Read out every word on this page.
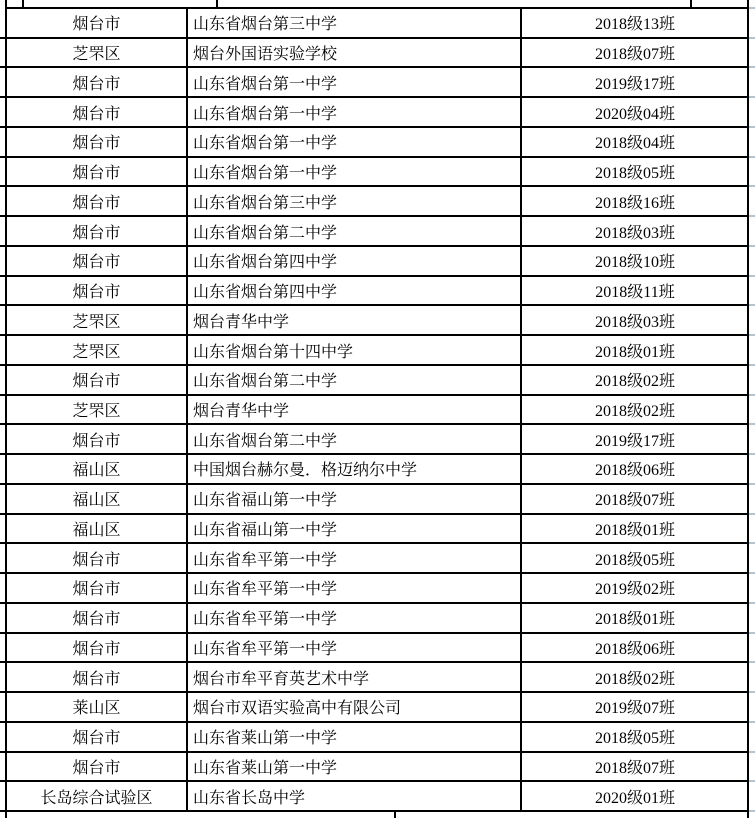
烟台市	山东省烟台第三中学	2018级13班
芝罘区	烟台外国语实验学校	2018级07班
烟台市	山东省烟台第一中学	2019级17班
烟台市	山东省烟台第一中学	2020级04班
烟台市	山东省烟台第一中学	2018级04班
烟台市	山东省烟台第一中学	2018级05班
烟台市	山东省烟台第三中学	2018级16班
烟台市	山东省烟台第二中学	2018级03班
烟台市	山东省烟台第四中学	2018级10班
烟台市	山东省烟台第四中学	2018级11班
芝罘区	烟台青华中学	2018级03班
芝罘区	山东省烟台第十四中学	2018级01班
烟台市	山东省烟台第二中学	2018级02班
芝罘区	烟台青华中学	2018级02班
烟台市	山东省烟台第二中学	2019级17班
福山区	中国烟台赫尔曼．格迈纳尔中学	2018级06班
福山区	山东省福山第一中学	2018级07班
福山区	山东省福山第一中学	2018级01班
烟台市	山东省牟平第一中学	2018级05班
烟台市	山东省牟平第一中学	2019级02班
烟台市	山东省牟平第一中学	2018级01班
烟台市	山东省牟平第一中学	2018级06班
烟台市	烟台市牟平育英艺术中学	2018级02班
莱山区	烟台市双语实验高中有限公司	2019级07班
烟台市	山东省莱山第一中学	2018级05班
烟台市	山东省莱山第一中学	2018级07班
长岛综合试验区	山东省长岛中学	2020级01班
